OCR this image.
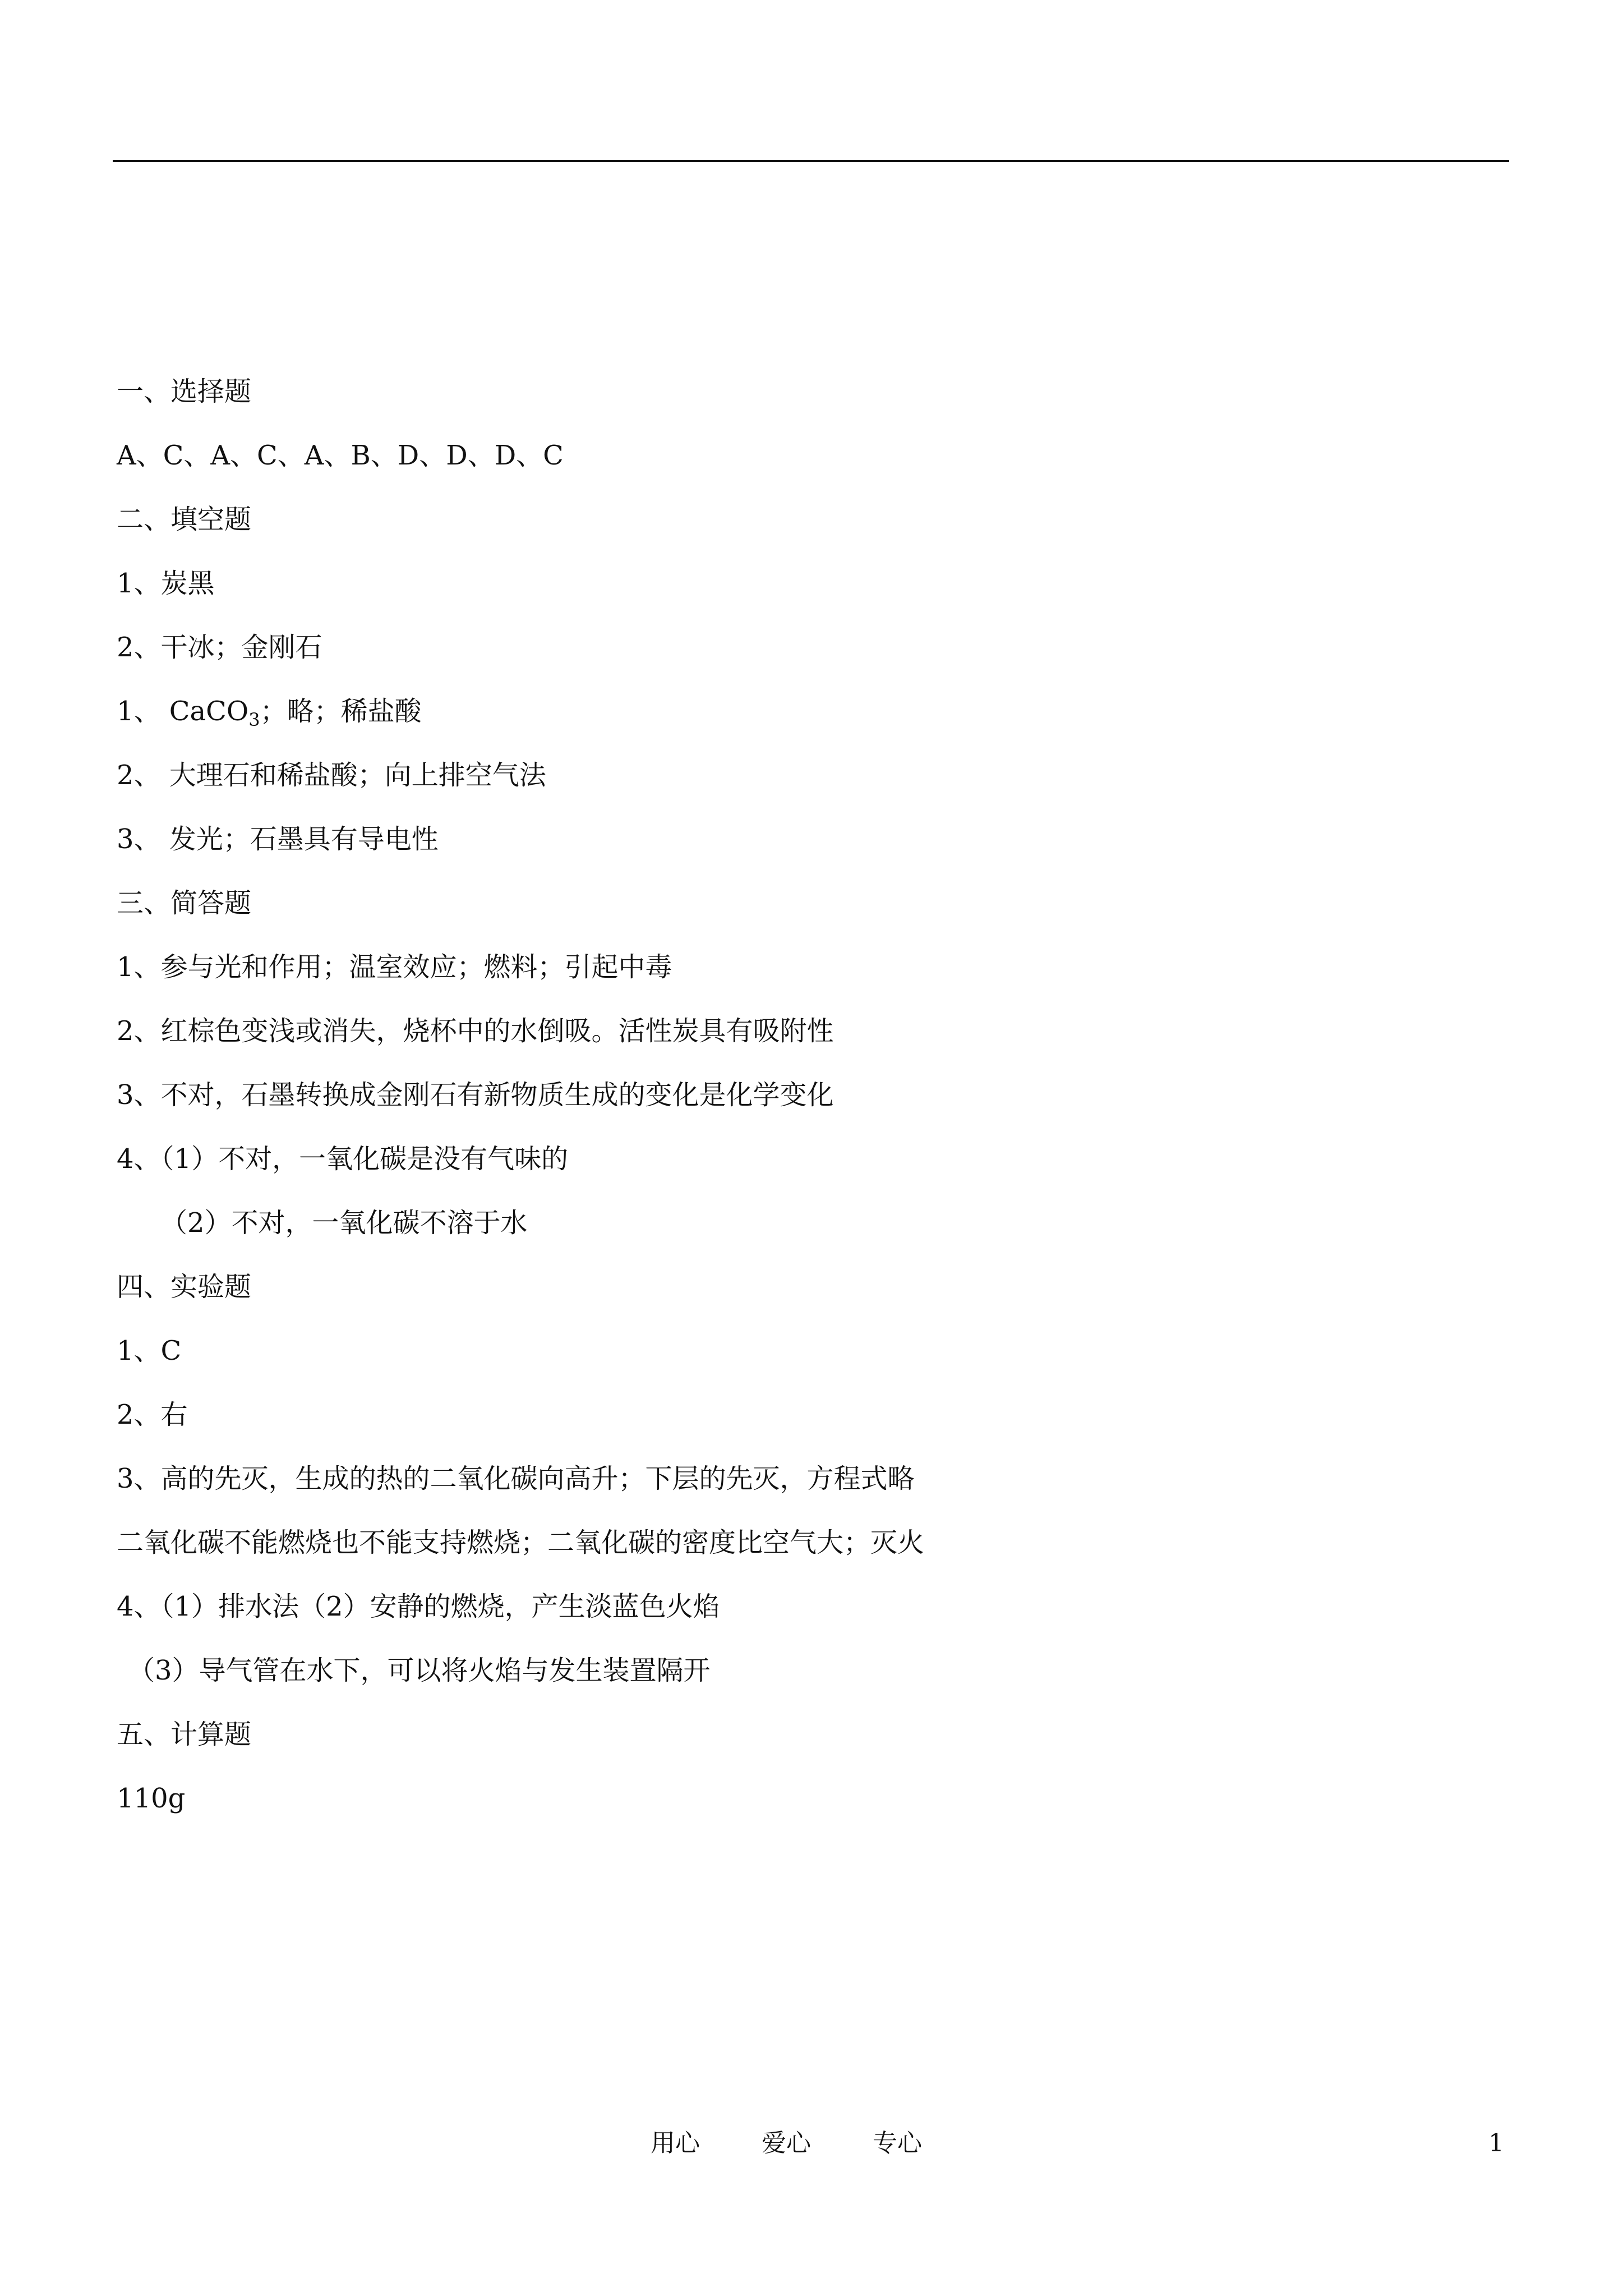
一、选择题
A、C、A、C、A、B、D、D、D、C
二、填空题
1、炭黑
2、干冰；金刚石
1、 CaCO$_3$；略；稀盐酸
2、 大理石和稀盐酸；向上排空气法
3、 发光；石墨具有导电性
三、简答题
1、参与光和作用；温室效应；燃料；引起中毒
2、红棕色变浅或消失，烧杯中的水倒吸。活性炭具有吸附性
3、不对，石墨转换成金刚石有新物质生成的变化是化学变化
4、（1）不对，一氧化碳是没有气味的
（2）不对，一氧化碳不溶于水
四、实验题
1、C
2、右
3、高的先灭，生成的热的二氧化碳向高升；下层的先灭，方程式略
二氧化碳不能燃烧也不能支持燃烧；二氧化碳的密度比空气大；灭火
4、（1）排水法（2）安静的燃烧，产生淡蓝色火焰
（3）导气管在水下，可以将火焰与发生装置隔开
五、计算题
110g
用心	爱心	专心	1
